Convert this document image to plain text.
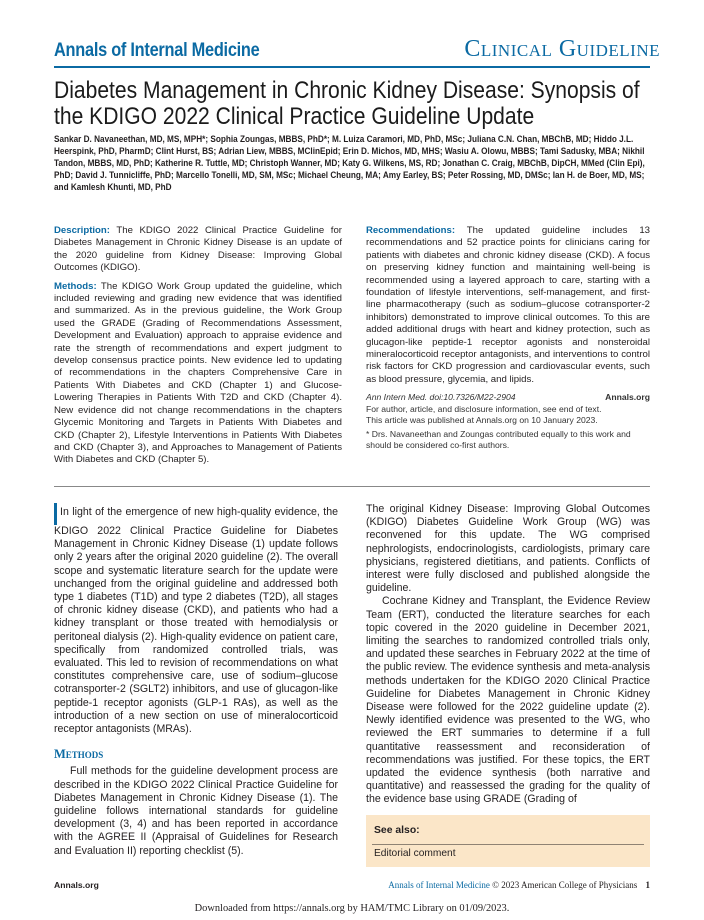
Annals of Internal Medicine	Clinical Guideline
Diabetes Management in Chronic Kidney Disease: Synopsis of the KDIGO 2022 Clinical Practice Guideline Update
Sankar D. Navaneethan, MD, MS, MPH*; Sophia Zoungas, MBBS, PhD*; M. Luiza Caramori, MD, PhD, MSc; Juliana C.N. Chan, MBChB, MD; Hiddo J.L. Heerspink, PhD, PharmD; Clint Hurst, BS; Adrian Liew, MBBS, MClinEpid; Erin D. Michos, MD, MHS; Wasiu A. Olowu, MBBS; Tami Sadusky, MBA; Nikhil Tandon, MBBS, MD, PhD; Katherine R. Tuttle, MD; Christoph Wanner, MD; Katy G. Wilkens, MS, RD; Jonathan C. Craig, MBChB, DipCH, MMed (Clin Epi), PhD; David J. Tunnicliffe, PhD; Marcello Tonelli, MD, SM, MSc; Michael Cheung, MA; Amy Earley, BS; Peter Rossing, MD, DMSc; Ian H. de Boer, MD, MS; and Kamlesh Khunti, MD, PhD

Description: The KDIGO 2022 Clinical Practice Guideline for Diabetes Management in Chronic Kidney Disease is an update of the 2020 guideline from Kidney Disease: Improving Global Outcomes (KDIGO).

Methods: The KDIGO Work Group updated the guideline, which included reviewing and grading new evidence that was identified and summarized. As in the previous guideline, the Work Group used the GRADE (Grading of Recommendations Assessment, Development and Evaluation) approach to appraise evidence and rate the strength of recommendations and expert judgment to develop consensus practice points. New evidence led to updating of recommendations in the chapters Comprehensive Care in Patients With Diabetes and CKD (Chapter 1) and Glucose-Lowering Therapies in Patients With T2D and CKD (Chapter 4). New evidence did not change recommendations in the chapters Glycemic Monitoring and Targets in Patients With Diabetes and CKD (Chapter 2), Lifestyle Interventions in Patients With Diabetes and CKD (Chapter 3), and Approaches to Management of Patients With Diabetes and CKD (Chapter 5).

Recommendations: The updated guideline includes 13 recommendations and 52 practice points for clinicians caring for patients with diabetes and chronic kidney disease (CKD). A focus on preserving kidney function and maintaining well-being is recommended using a layered approach to care, starting with a foundation of lifestyle interventions, self-management, and first-line pharmacotherapy (such as sodium–glucose cotransporter-2 inhibitors) demonstrated to improve clinical outcomes. To this are added additional drugs with heart and kidney protection, such as glucagon-like peptide-1 receptor agonists and nonsteroidal mineralocorticoid receptor antagonists, and interventions to control risk factors for CKD progression and cardiovascular events, such as blood pressure, glycemia, and lipids.

Ann Intern Med. doi:10.7326/M22-2904	Annals.org
For author, article, and disclosure information, see end of text.
This article was published at Annals.org on 10 January 2023.
* Drs. Navaneethan and Zoungas contributed equally to this work and should be considered co-first authors.

In light of the emergence of new high-quality evidence, the KDIGO 2022 Clinical Practice Guideline for Diabetes Management in Chronic Kidney Disease (1) update follows only 2 years after the original 2020 guideline (2). The overall scope and systematic literature search for the update were unchanged from the original guideline and addressed both type 1 diabetes (T1D) and type 2 diabetes (T2D), all stages of chronic kidney disease (CKD), and patients who had a kidney transplant or those treated with hemodialysis or peritoneal dialysis (2). High-quality evidence on patient care, specifically from randomized controlled trials, was evaluated. This led to revision of recommendations on what constitutes comprehensive care, use of sodium–glucose cotransporter-2 (SGLT2) inhibitors, and use of glucagon-like peptide-1 receptor agonists (GLP-1 RAs), as well as the introduction of a new section on use of mineralocorticoid receptor antagonists (MRAs).

Methods

Full methods for the guideline development process are described in the KDIGO 2022 Clinical Practice Guideline for Diabetes Management in Chronic Kidney Disease (1). The guideline follows international standards for guideline development (3, 4) and has been reported in accordance with the AGREE II (Appraisal of Guidelines for Research and Evaluation II) reporting checklist (5).

The original Kidney Disease: Improving Global Outcomes (KDIGO) Diabetes Guideline Work Group (WG) was reconvened for this update. The WG comprised nephrologists, endocrinologists, cardiologists, primary care physicians, registered dietitians, and patients. Conflicts of interest were fully disclosed and published alongside the guideline.

Cochrane Kidney and Transplant, the Evidence Review Team (ERT), conducted the literature searches for each topic covered in the 2020 guideline in December 2021, limiting the searches to randomized controlled trials only, and updated these searches in February 2022 at the time of the public review. The evidence synthesis and meta-analysis methods undertaken for the KDIGO 2020 Clinical Practice Guideline for Diabetes Management in Chronic Kidney Disease were followed for the 2022 guideline update (2). Newly identified evidence was presented to the WG, who reviewed the ERT summaries to determine if a full quantitative reassessment and reconsideration of recommendations was justified. For these topics, the ERT updated the evidence synthesis (both narrative and quantitative) and reassessed the grading for the quality of the evidence base using GRADE (Grading of

See also:
Editorial comment
Annals.org	Annals of Internal Medicine © 2023 American College of Physicians 1
Downloaded from https://annals.org by HAM/TMC Library on 01/09/2023.
